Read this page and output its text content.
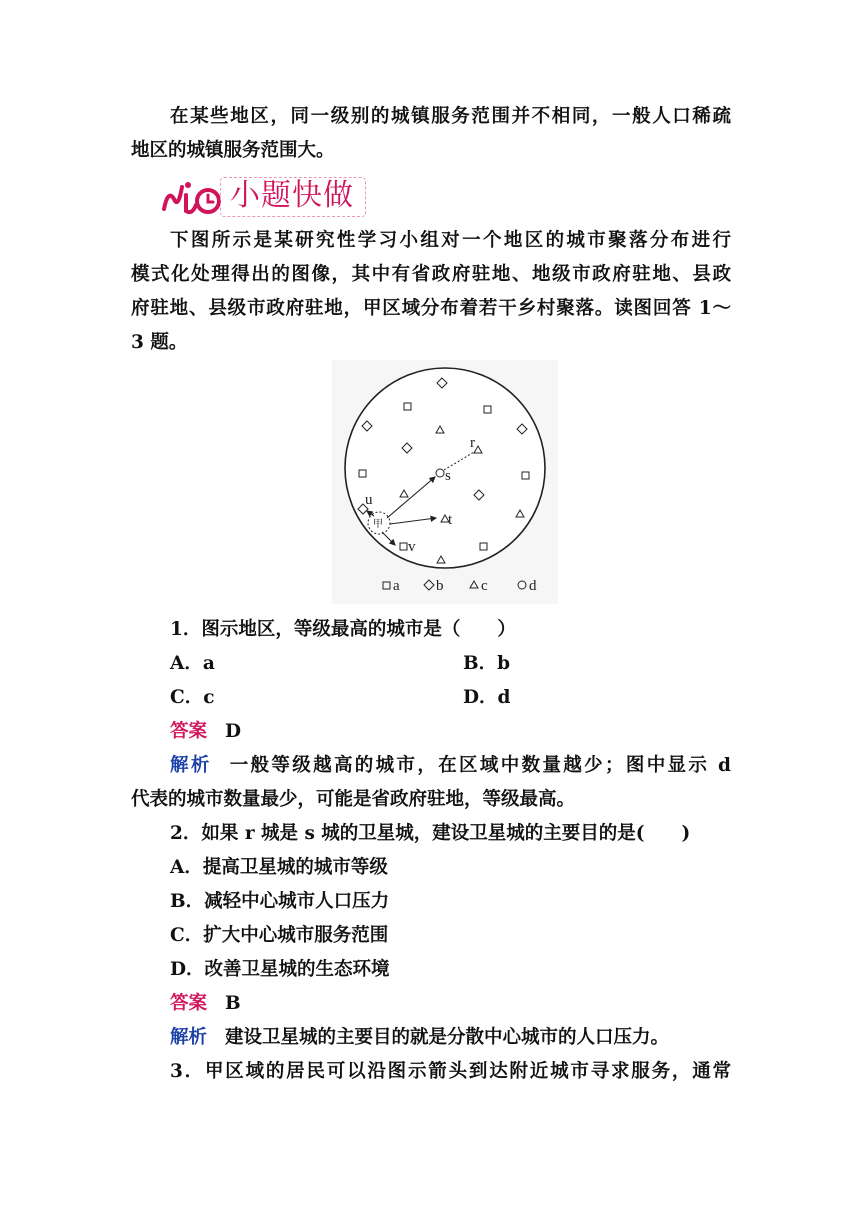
在某些地区，同一级别的城镇服务范围并不相同，一般人口稀疏
地区的城镇服务范围大。
小题快做
下图所示是某研究性学习小组对一个地区的城市聚落分布进行
模式化处理得出的图像，其中有省政府驻地、地级市政府驻地、县政
府驻地、县级市政府驻地，甲区域分布着若干乡村聚落。读图回答 1～
3 题。
r
s
t
u
v
甲
a b	c	d
1．图示地区，等级最高的城市是（　　）
A．a	B．b
C．c	D．d
答案 D
解析 一般等级越高的城市，在区域中数量越少；图中显示 d
代表的城市数量最少，可能是省政府驻地，等级最高。
2．如果 r 城是 s 城的卫星城，建设卫星城的主要目的是(　　)
A．提高卫星城的城市等级
B．减轻中心城市人口压力
C．扩大中心城市服务范围
D．改善卫星城的生态环境
答案 B
解析 建设卫星城的主要目的就是分散中心城市的人口压力。
3．甲区域的居民可以沿图示箭头到达附近城市寻求服务，通常
